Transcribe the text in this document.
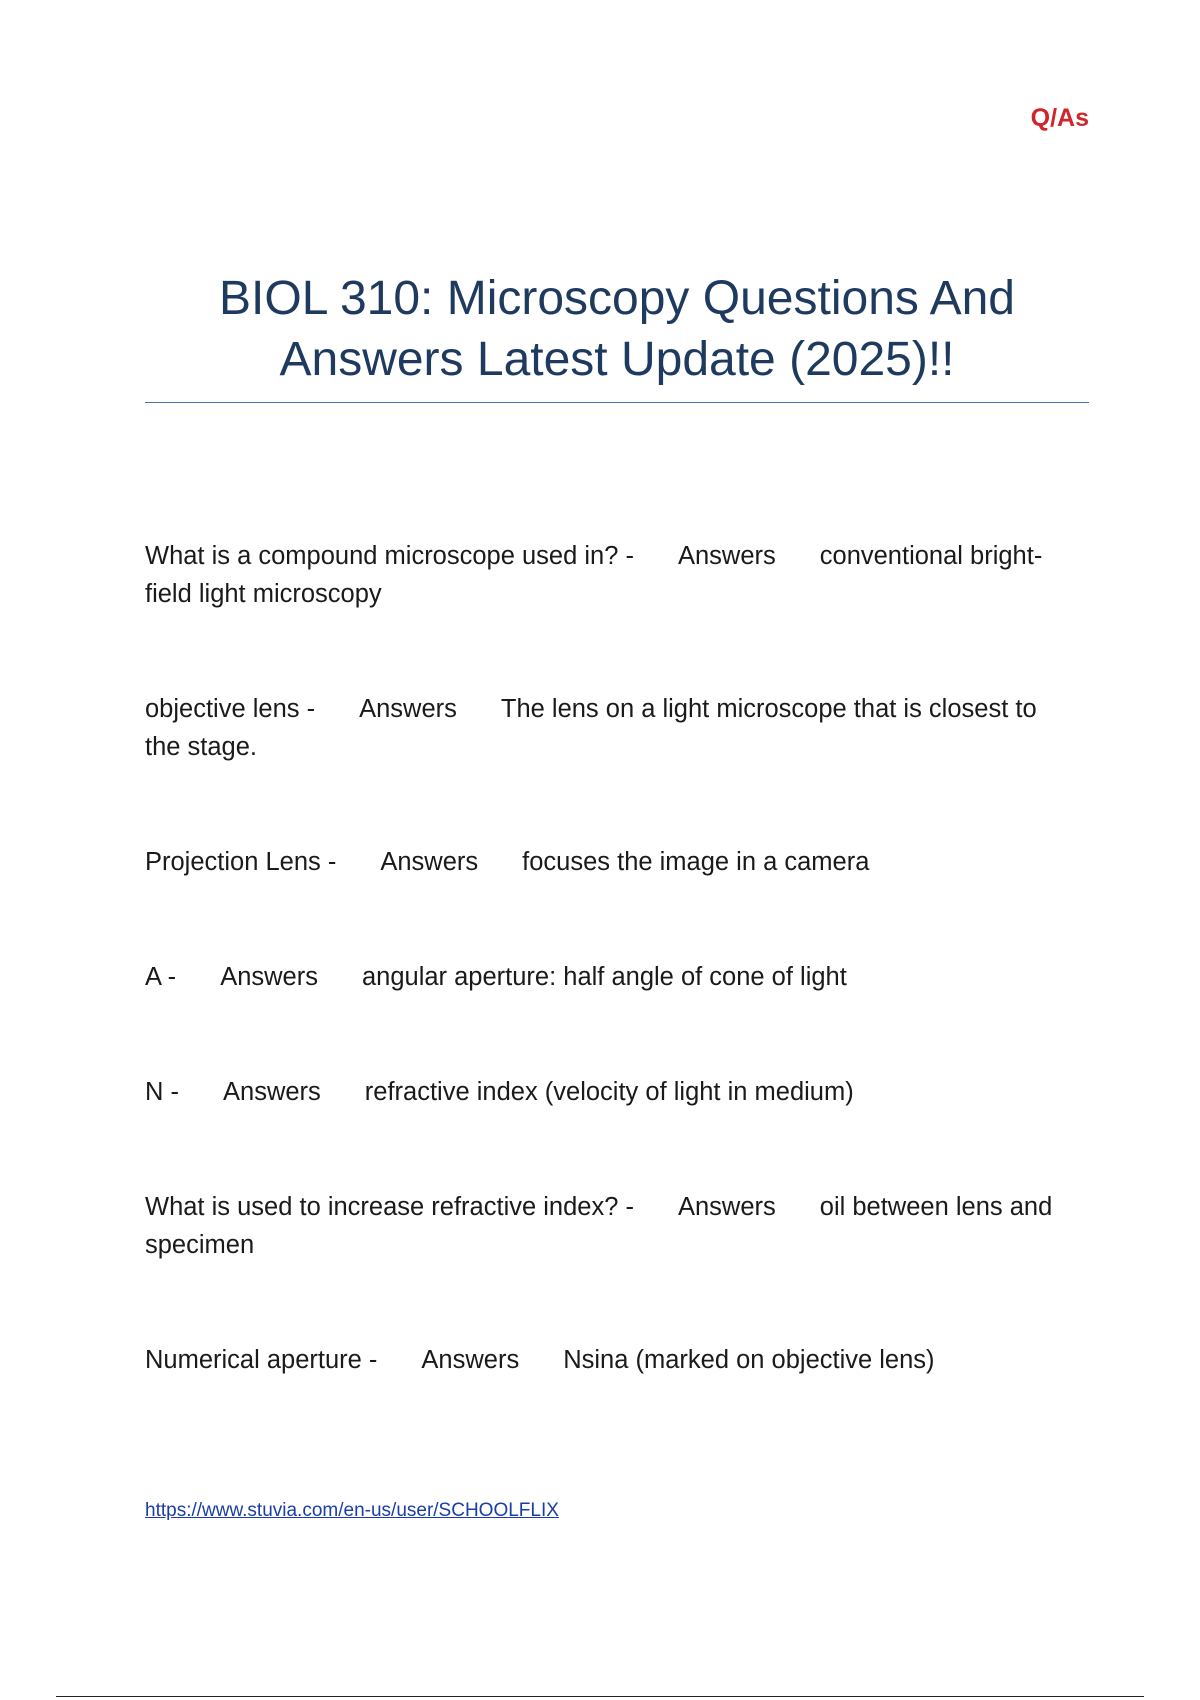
Q/As
BIOL 310: Microscopy Questions And Answers Latest Update (2025)!!

What is a compound microscope used in? - Answers conventional bright-field light microscopy

objective lens - Answers The lens on a light microscope that is closest to the stage.

Projection Lens - Answers focuses the image in a camera

A - Answers angular aperture: half angle of cone of light

N - Answers refractive index (velocity of light in medium)

What is used to increase refractive index? - Answers oil between lens and specimen

Numerical aperture - Answers Nsina (marked on objective lens)

https://www.stuvia.com/en-us/user/SCHOOLFLIX
